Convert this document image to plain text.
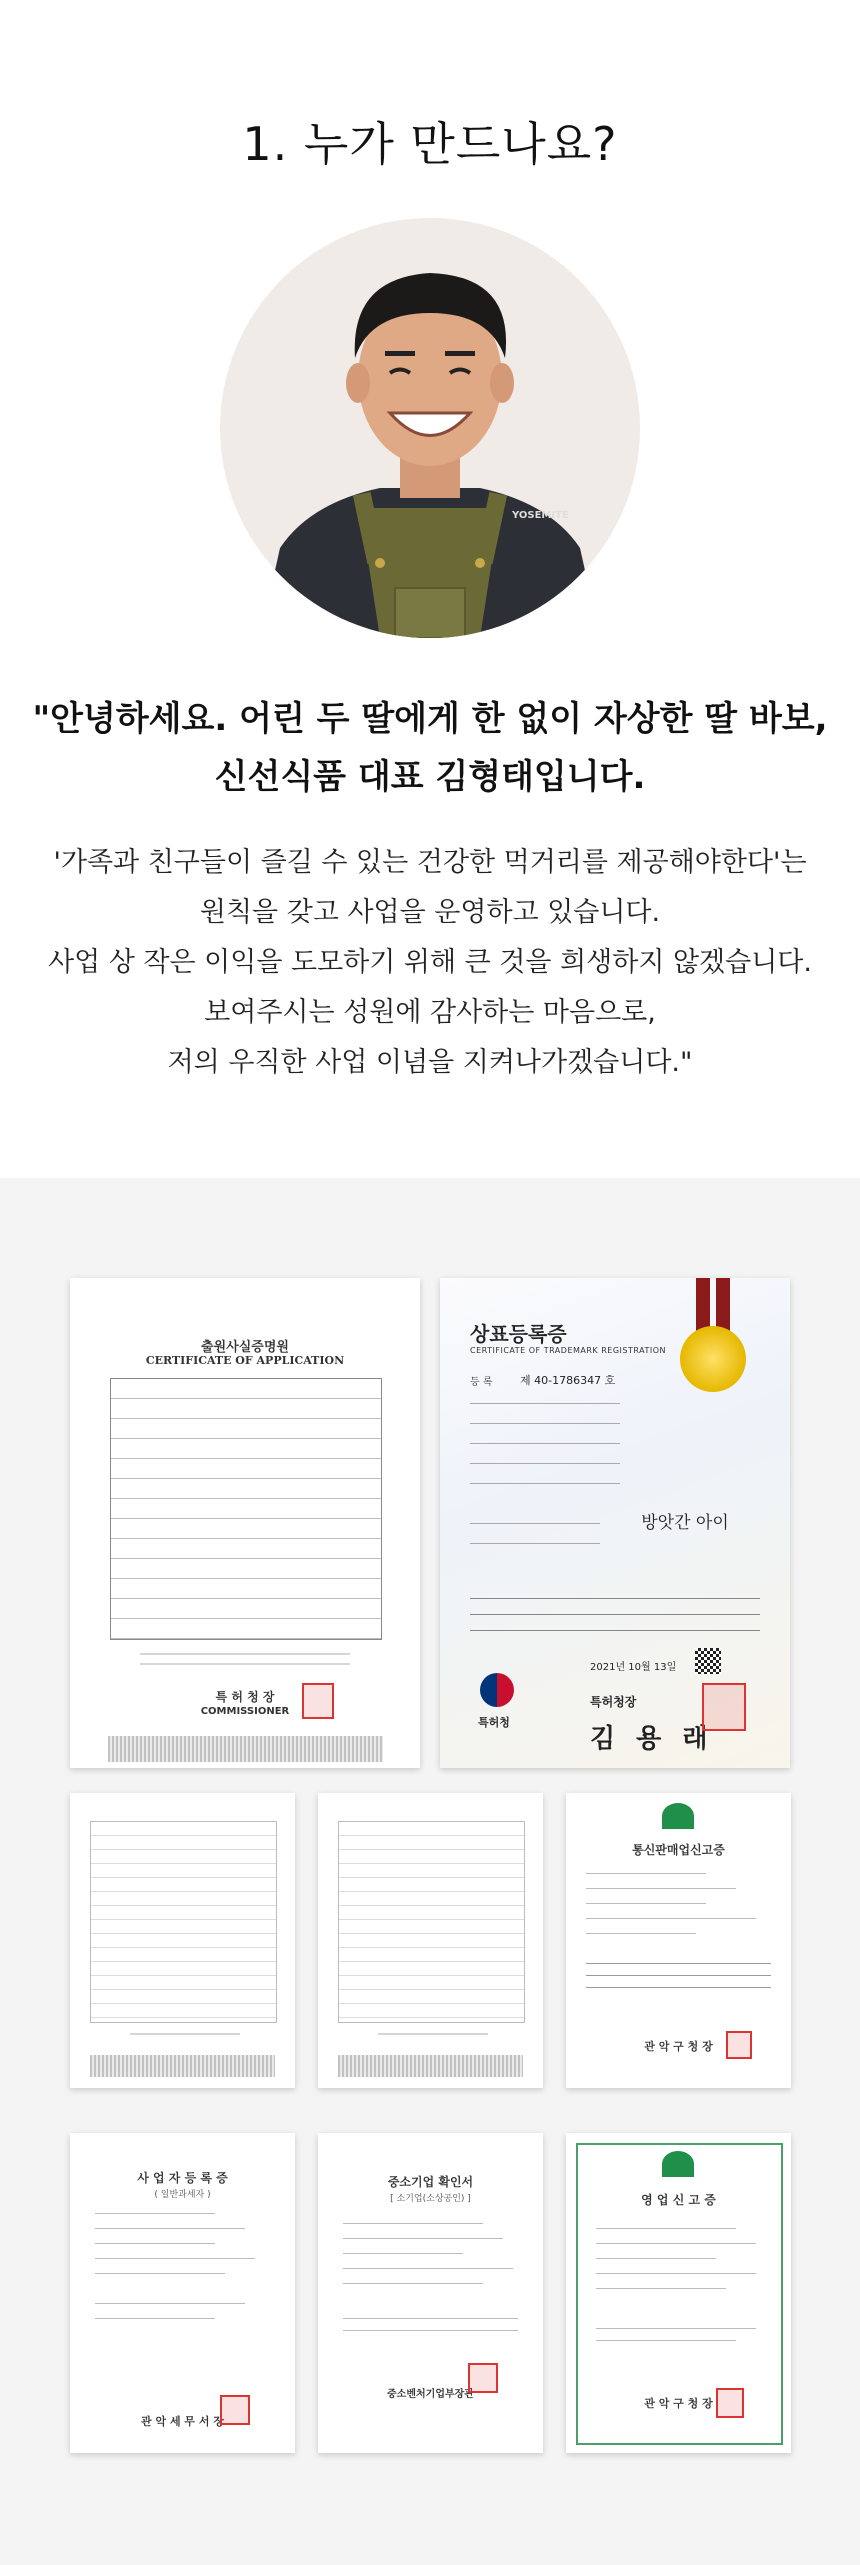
1. 누가 만드나요?
YOSEMITE
"안녕하세요. 어린 두 딸에게 한 없이 자상한 딸 바보,
신선식품 대표 김형태입니다.
'가족과 친구들이 즐길 수 있는 건강한 먹거리를 제공해야한다'는
원칙을 갖고 사업을 운영하고 있습니다.
사업 상 작은 이익을 도모하기 위해 큰 것을 희생하지 않겠습니다.
보여주시는 성원에 감사하는 마음으로,
저의 우직한 사업 이념을 지켜나가겠습니다."

출원사실증명원
CERTIFICATE OF APPLICATION
특 허 청 장
COMMISSIONER
상표등록증
CERTIFICATE OF TRADEMARK REGISTRATION
등 록	제 40-1786347 호
방앗간 아이
특허청
2021년 10월 13일
특허청장
김 용 래
통신판매업신고증
관 악 구 청 장
사 업 자 등 록 증
( 일반과세자 )
관 악 세 무 서 장
중소기업 확인서
[ 소기업(소상공인) ]
중소벤처기업부장관
영 업 신 고 증
관 악 구 청 장
